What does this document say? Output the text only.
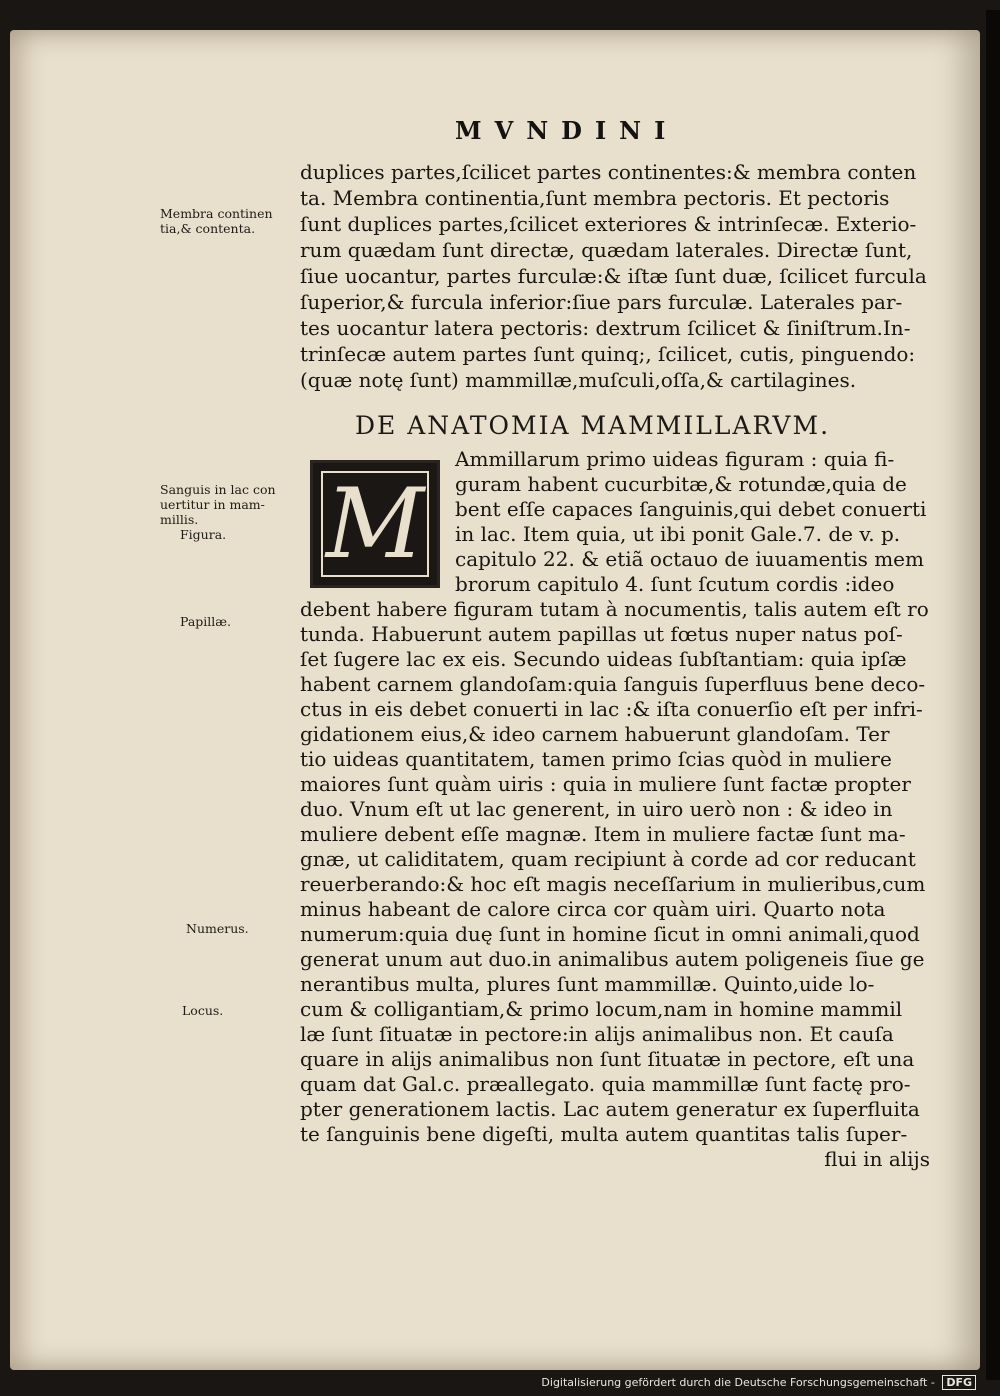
MVNDINI
duplices partes,ſcilicet partes continentes:& membra conten
ta. Membra continentia,ſunt membra pectoris. Et pectoris
ſunt duplices partes,ſcilicet exteriores & intrinſecæ. Exterio-
rum quædam ſunt directæ, quædam laterales. Directæ ſunt,
ſiue uocantur, partes furculæ:& iſtæ ſunt duæ, ſcilicet furcula
ſuperior,& furcula inferior:ſiue pars furculæ. Laterales par-
tes uocantur latera pectoris: dextrum ſcilicet & ſiniſtrum.In-
trinſecæ autem partes ſunt quinq;, ſcilicet, cutis, pinguendo:
(quæ notę ſunt) mammillæ,muſculi,oſſa,& cartilagines.
DE ANATOMIA MAMMILLARVM.
M
Ammillarum primo uideas figuram : quia fi-
guram habent cucurbitæ,& rotundæ,quia de
bent eſſe capaces ſanguinis,qui debet conuerti
in lac. Item quia, ut ibi ponit Gale.7. de v. p.
capitulo 22. & etiã octauo de iuuamentis mem
brorum capitulo 4. ſunt ſcutum cordis :ideo
debent habere figuram tutam à nocumentis, talis autem eſt ro
tunda. Habuerunt autem papillas ut fœtus nuper natus poſ-
ſet ſugere lac ex eis. Secundo uideas ſubſtantiam: quia ipſæ
habent carnem glandoſam:quia ſanguis ſuperfluus bene deco-
ctus in eis debet conuerti in lac :& iſta conuerſio eſt per infri-
gidationem eius,& ideo carnem habuerunt glandoſam. Ter
tio uideas quantitatem, tamen primo ſcias quòd in muliere
maiores ſunt quàm uiris : quia in muliere ſunt factæ propter
duo. Vnum eſt ut lac generent, in uiro uerò non : & ideo in
muliere debent eſſe magnæ. Item in muliere factæ ſunt ma-
gnæ, ut caliditatem, quam recipiunt à corde ad cor reducant
reuerberando:& hoc eſt magis neceſſarium in mulieribus,cum
minus habeant de calore circa cor quàm uiri. Quarto nota
numerum:quia duę ſunt in homine ſicut in omni animali,quod
generat unum aut duo.in animalibus autem poligeneis ſiue ge
nerantibus multa, plures ſunt mammillæ. Quinto,uide lo-
cum & colligantiam,& primo locum,nam in homine mammil
læ ſunt ſituatæ in pectore:in alijs animalibus non. Et cauſa
quare in alijs animalibus non ſunt ſituatæ in pectore, eſt una
quam dat Gal.c. præallegato. quia mammillæ ſunt factę pro-
pter generationem lactis. Lac autem generatur ex ſuperfluita
te ſanguinis bene digeſti, multa autem quantitas talis ſuper-
flui in alijs
Membra continen
tia,& contenta.
Sanguis in lac con
uertitur in mam-
millis.
Figura.
Papillæ.
Numerus.
Locus.
Digitalisierung gefördert durch die Deutsche Forschungsgemeinschaft - DFG
